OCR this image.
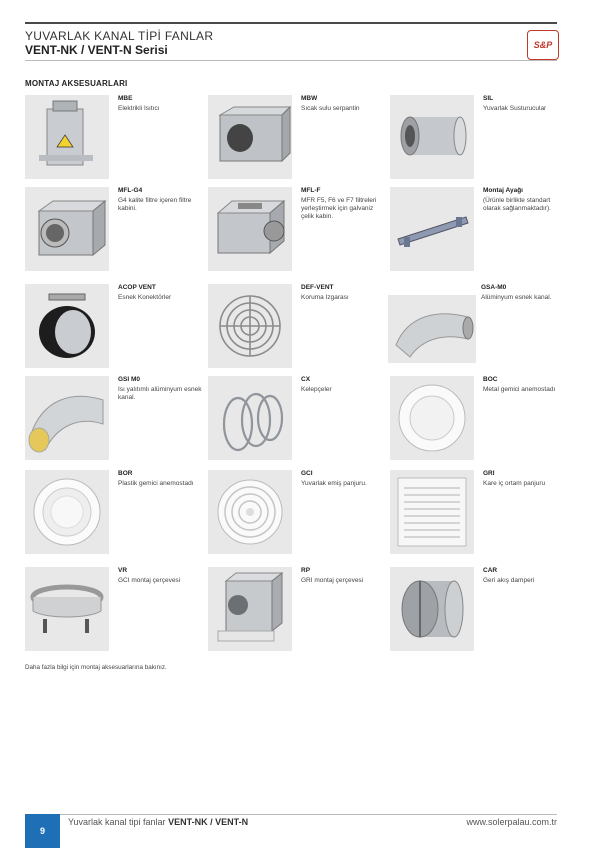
YUVARLAK KANAL TİPİ FANLAR
VENT-NK / VENT-N Serisi	S&P
MONTAJ AKSESUARLARI
MBE
Elektrikli Isıtıcı
MBW
Sıcak sulu serpantin
SIL
Yuvarlak Susturucular
MFL-G4
G4 kalite filtre içeren filtre kabini.
MFL-F
MFR F5, F6 ve F7 filtreleri yerleştirmek için galvaniz çelik kabin.
Montaj Ayağı
(Ürünle birlikte standart olarak sağlanmaktadır).
ACOP VENT
Esnek Konektörler
DEF-VENT
Koruma Izgarası
GSA-M0
Alüminyum esnek kanal.
GSI M0
Isı yalıtımlı alüminyum esnek kanal.
CX
Kelepçeler
BOC
Metal gemici anemostadı
BOR
Plastik gemici anemostadı
GCI
Yuvarlak emiş panjuru.
GRI
Kare iç ortam panjuru
VR
GCI montaj çerçevesi
RP
GRI montaj çerçevesi
CAR
Geri akış damperi
Daha fazla bilgi için montaj aksesuarlarına bakınız.
9
Yuvarlak kanal tipi fanlar VENT-NK / VENT-N	www.solerpalau.com.tr
